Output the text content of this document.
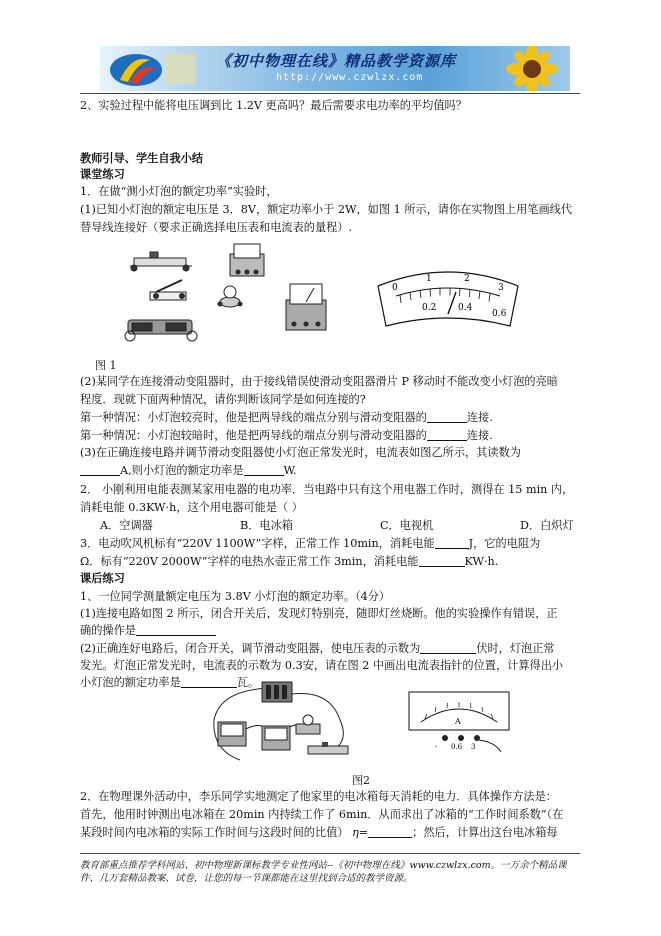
《初中物理在线》精品教学资源库
http://www.czwlzx.com
2、实验过程中能将电压调到比 1.2V 更高吗？最后需要求电功率的平均值吗？
教师引导、学生自我小结
课堂练习
1．在做“测小灯泡的额定功率”实验时，
(1)已知小灯泡的额定电压是 3．8V，额定功率小于 2W，如图 1 所示，请你在实物图上用笔画线代
替导线连接好（要求正确选择电压表和电流表的量程）.
0
1	2
3
0.2 0.4
0.6
图 1
(2)某同学在连接滑动变阻器时，由于接线错误使滑动变阻器滑片 P 移动时不能改变小灯泡的亮暗
程度．现就下面两种情况，请你判断该同学是如何连接的?
第一种情况：小灯泡较亮时，他是把两导线的端点分别与滑动变阻器的	连接.
第一种情况：小灯泡较暗时，他是把两导线的端点分别与滑动变阻器的	连接.
(3)在正确连接电路并调节滑动变阻器使小灯泡正常发光时，电流表如图乙所示，其读数为
A,则小灯泡的额定功率是	W.
2． 小刚利用电能表测某家用电器的电功率．当电路中只有这个用电器工作时，测得在 15 min 内，
消耗电能 0.3KW·h，这个用电器可能是（ ）
A．空调器	B．电冰箱	C．电视机	D．白炽灯
3．电动吹风机标有“220V 1100W”字样，正常工作 10min，消耗电能	J，它的电阻为
Ω．标有“220V 2000W”字样的电热水壶正常工作 3min，消耗电能	KW·h.
课后练习
1、一位同学测量额定电压为 3.8V 小灯泡的额定功率。（4分）
(1)连接电路如图 2 所示，闭合开关后，发现灯特别亮，随即灯丝烧断。他的实验操作有错误，正
确的操作是
(2)正确连好电路后，闭合开关，调节滑动变阻器，使电压表的示数为	伏时，灯泡正常
发光。灯泡正常发光时，电流表的示数为 0.3安，请在图 2 中画出电流表指针的位置，计算得出小
小灯泡的额定功率是	瓦。
A
- 0.6 3
图2
2．在物理课外活动中，李乐同学实地测定了他家里的电冰箱每天消耗的电力．具体操作方法是：
首先，他用时钟测出电冰箱在 20min 内持续工作了 6min．从而求出了冰箱的“工作时间系数”（在
某段时间内电冰箱的实际工作时间与这段时间的比值） η=	；然后，计算出这台电冰箱每
教育部重点推荐学科网站、初中物理新课标教学专业性网站--《初中物理在线》www.czwlzx.com。一万余个精品课
件、几万套精品教案、试卷，让您的每一节课都能在这里找到合适的教学资源。
